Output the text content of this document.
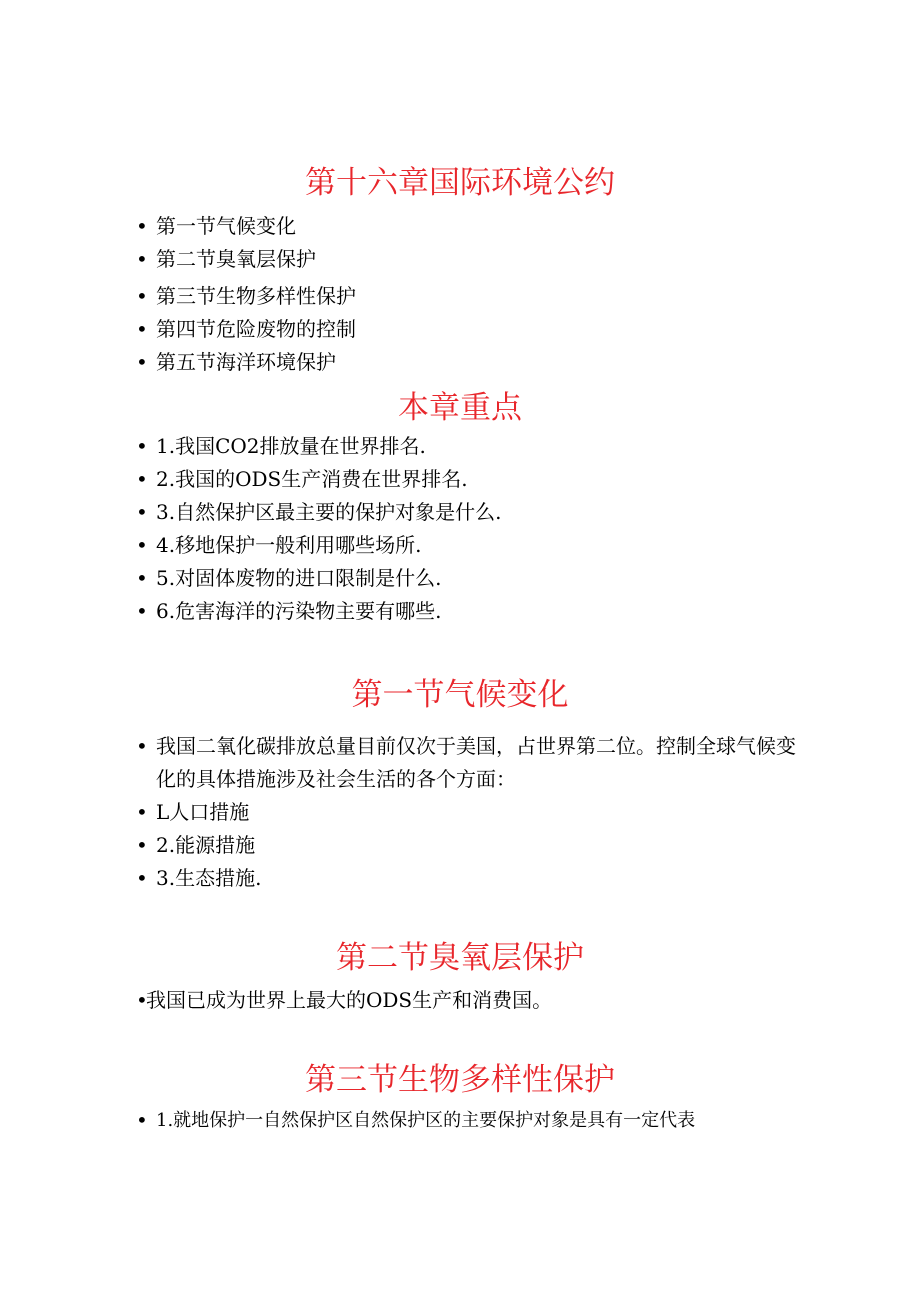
第十六章国际环境公约
• 第一节气候变化
• 第二节臭氧层保护
• 第三节生物多样性保护
• 第四节危险废物的控制
• 第五节海洋环境保护
本章重点
• 1.我国CO2排放量在世界排名.
• 2.我国的ODS生产消费在世界排名.
• 3.自然保护区最主要的保护对象是什么.
• 4.移地保护一般利用哪些场所.
• 5.对固体废物的进口限制是什么.
• 6.危害海洋的污染物主要有哪些.
第一节气候变化
• 我国二氧化碳排放总量目前仅次于美国，占世界第二位。控制全球气候变化的具体措施涉及社会生活的各个方面：
• L人口措施
• 2.能源措施
• 3.生态措施.
第二节臭氧层保护
•
我国已成为世界上最大的ODS生产和消费国。
第三节生物多样性保护
• 1.就地保护一自然保护区自然保护区的主要保护对象是具有一定代表
